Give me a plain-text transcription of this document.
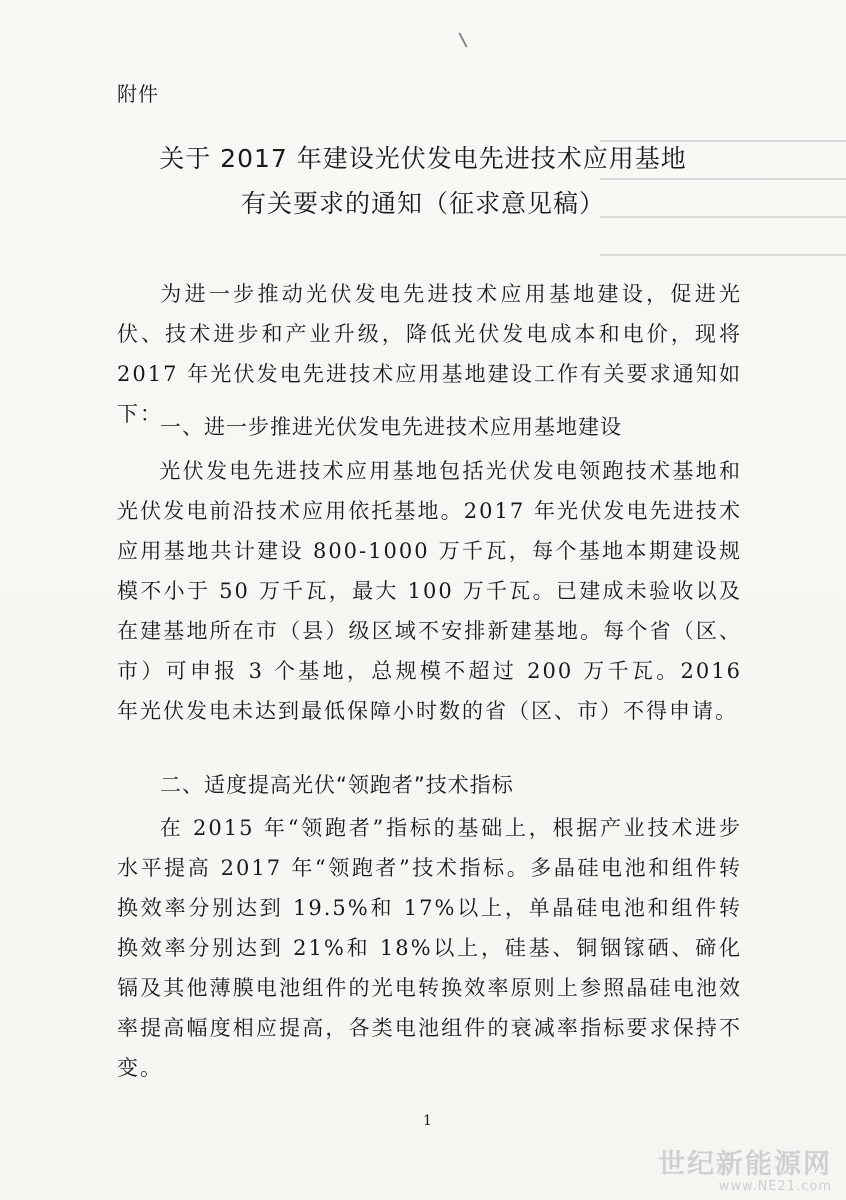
附件
关于 2017 年建设光伏发电先进技术应用基地
有关要求的通知（征求意见稿）
为进一步推动光伏发电先进技术应用基地建设，促进光伏、技术进步和产业升级，降低光伏发电成本和电价，现将 2017 年光伏发电先进技术应用基地建设工作有关要求通知如下：
一、进一步推进光伏发电先进技术应用基地建设
光伏发电先进技术应用基地包括光伏发电领跑技术基地和光伏发电前沿技术应用依托基地。2017 年光伏发电先进技术应用基地共计建设 800-1000 万千瓦，每个基地本期建设规模不小于 50 万千瓦，最大 100 万千瓦。已建成未验收以及在建基地所在市（县）级区域不安排新建基地。每个省（区、市）可申报 3 个基地，总规模不超过 200 万千瓦。2016 年光伏发电未达到最低保障小时数的省（区、市）不得申请。
二、适度提高光伏“领跑者”技术指标
在 2015 年“领跑者”指标的基础上，根据产业技术进步水平提高 2017 年“领跑者”技术指标。多晶硅电池和组件转换效率分别达到 19.5%和 17%以上，单晶硅电池和组件转换效率分别达到 21%和 18%以上，硅基、铜铟镓硒、碲化镉及其他薄膜电池组件的光电转换效率原则上参照晶硅电池效率提高幅度相应提高，各类电池组件的衰减率指标要求保持不变。
1
世纪新能源网
www.NE21.com
